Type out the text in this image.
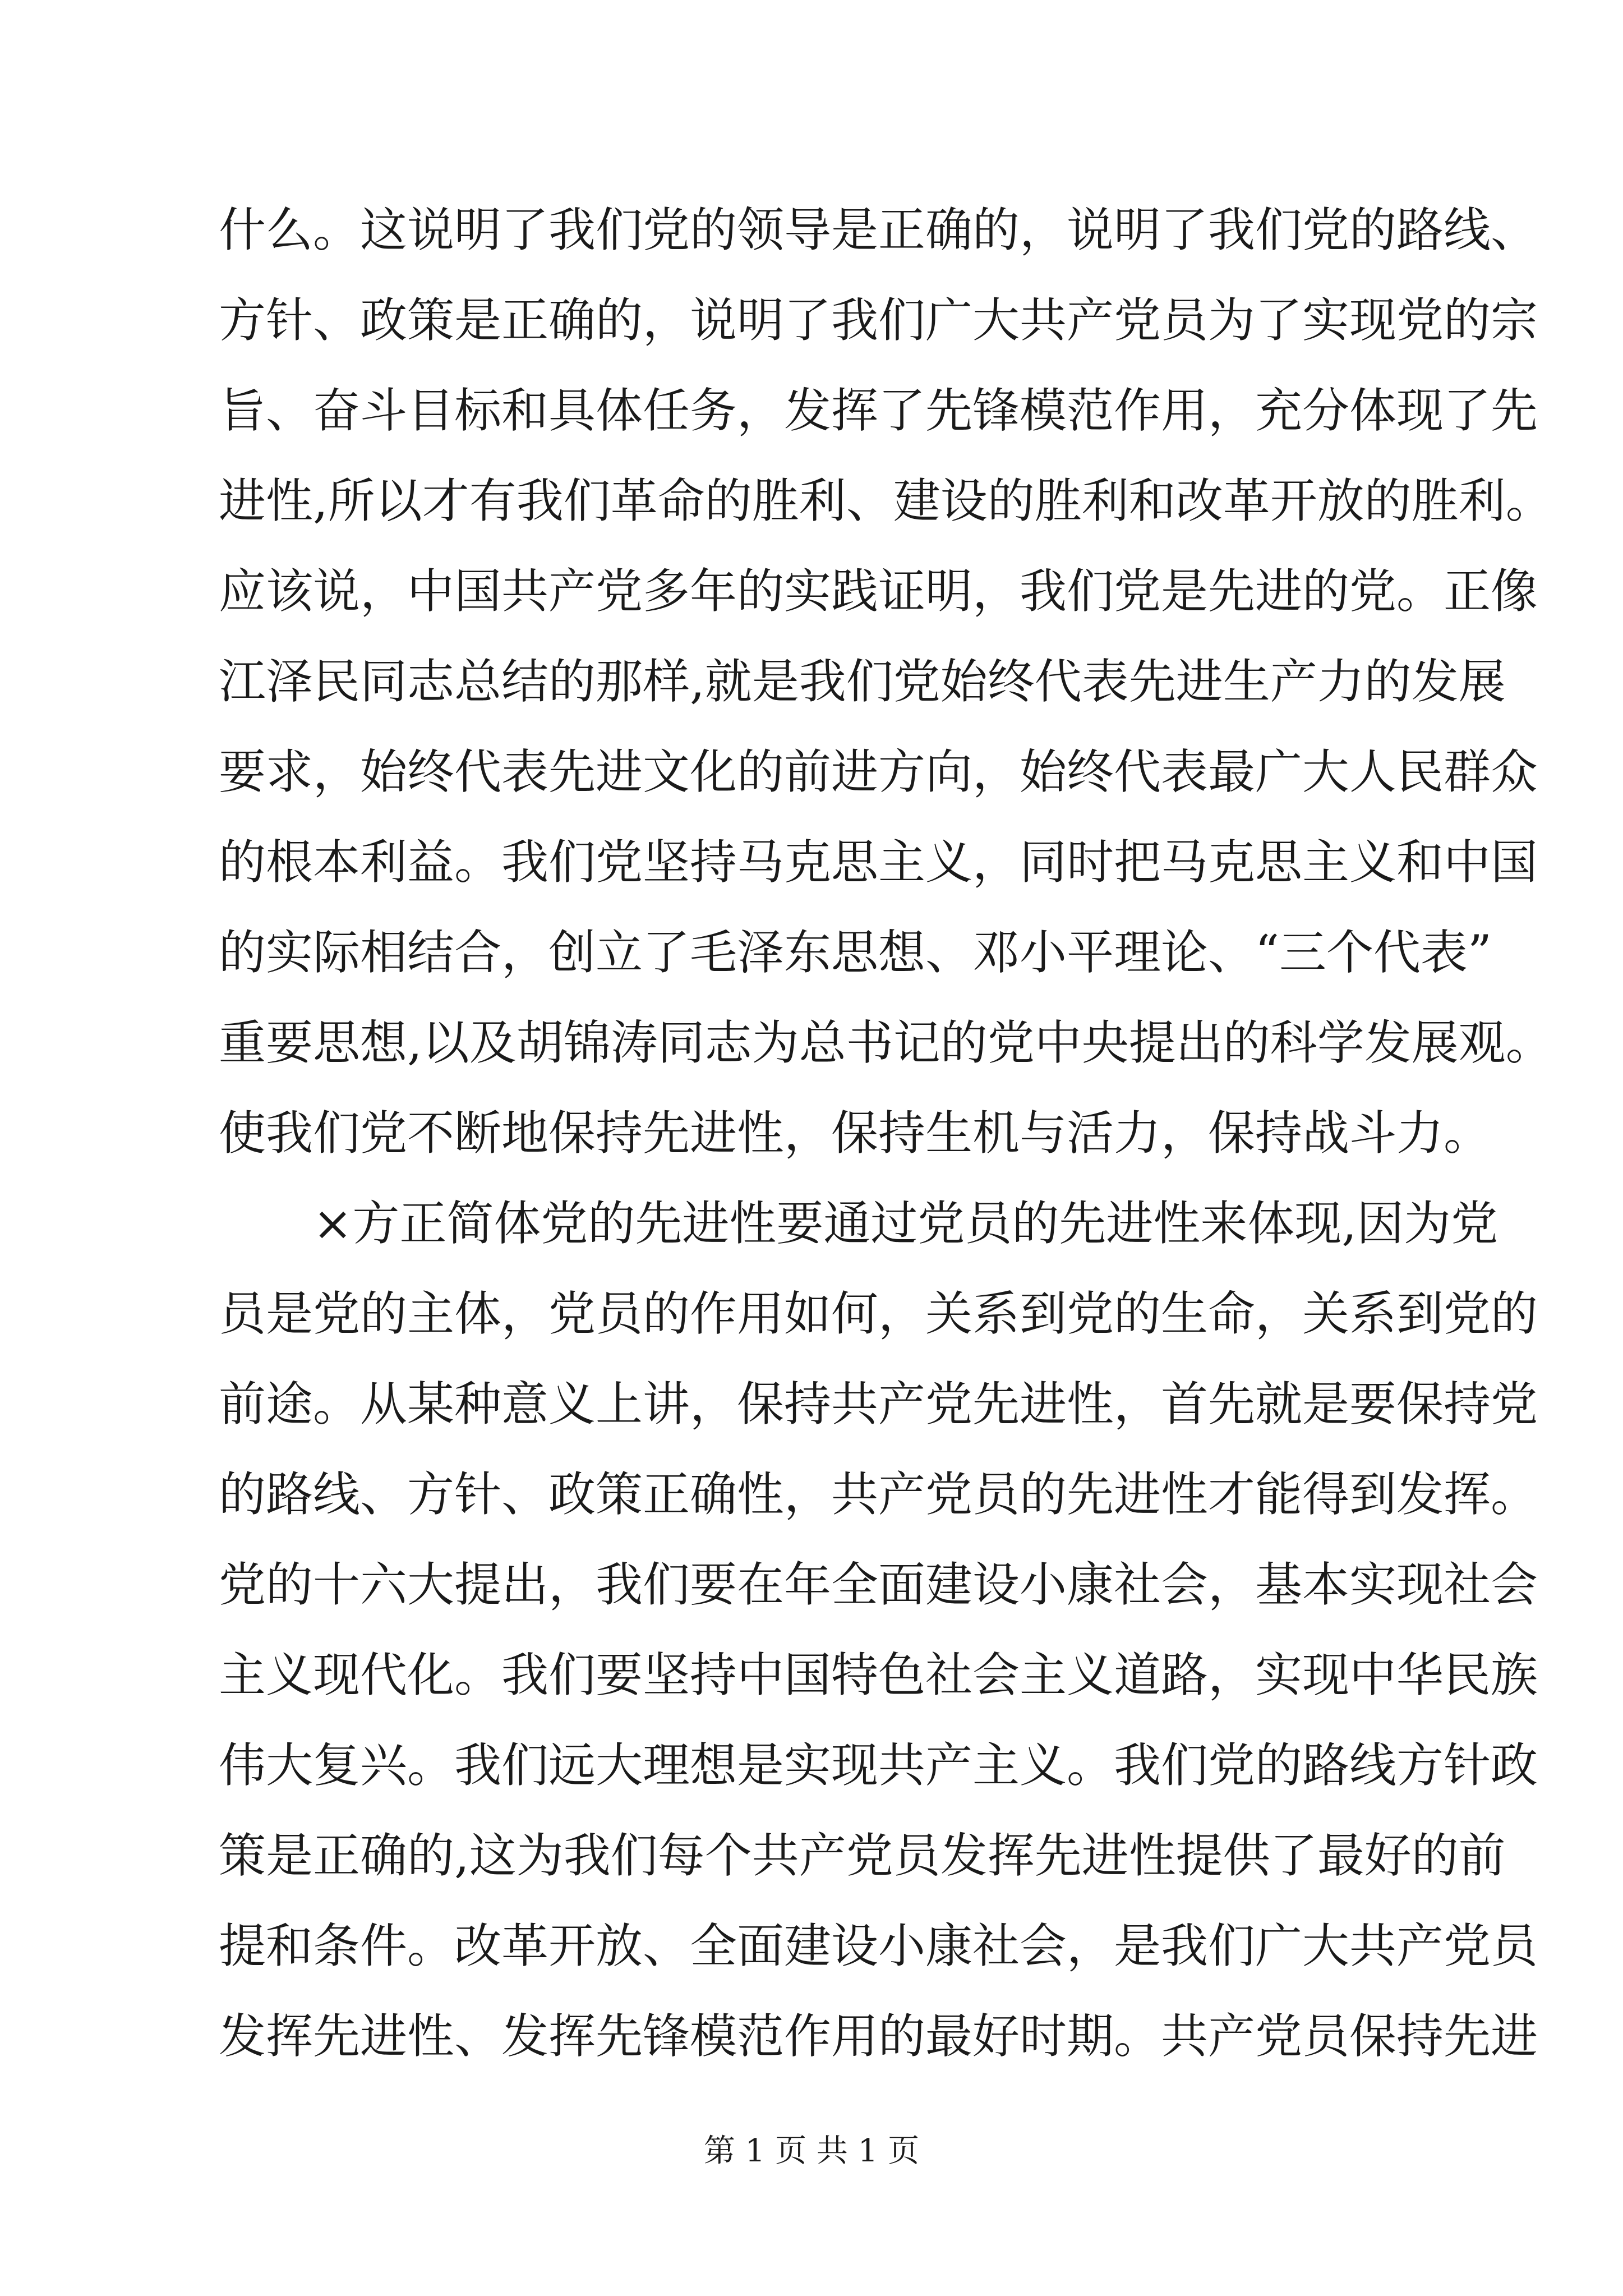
什么。这说明了我们党的领导是正确的，说明了我们党的路线、
方针、政策是正确的，说明了我们广大共产党员为了实现党的宗
旨、奋斗目标和具体任务，发挥了先锋模范作用，充分体现了先
进性,所以才有我们革命的胜利、建设的胜利和改革开放的胜利。
应该说，中国共产党多年的实践证明，我们党是先进的党。正像
江泽民同志总结的那样,就是我们党始终代表先进生产力的发展
要求，始终代表先进文化的前进方向，始终代表最广大人民群众
的根本利益。我们党坚持马克思主义，同时把马克思主义和中国
的实际相结合，创立了毛泽东思想、邓小平理论、“三个代表”
重要思想,以及胡锦涛同志为总书记的党中央提出的科学发展观。
使我们党不断地保持先进性，保持生机与活力，保持战斗力。
×方正简体党的先进性要通过党员的先进性来体现,因为党
员是党的主体，党员的作用如何，关系到党的生命，关系到党的
前途。从某种意义上讲，保持共产党先进性，首先就是要保持党
的路线、方针、政策正确性，共产党员的先进性才能得到发挥。
党的十六大提出，我们要在年全面建设小康社会，基本实现社会
主义现代化。我们要坚持中国特色社会主义道路，实现中华民族
伟大复兴。我们远大理想是实现共产主义。我们党的路线方针政
策是正确的,这为我们每个共产党员发挥先进性提供了最好的前
提和条件。改革开放、全面建设小康社会，是我们广大共产党员
发挥先进性、发挥先锋模范作用的最好时期。共产党员保持先进
第 1 页 共 1 页
